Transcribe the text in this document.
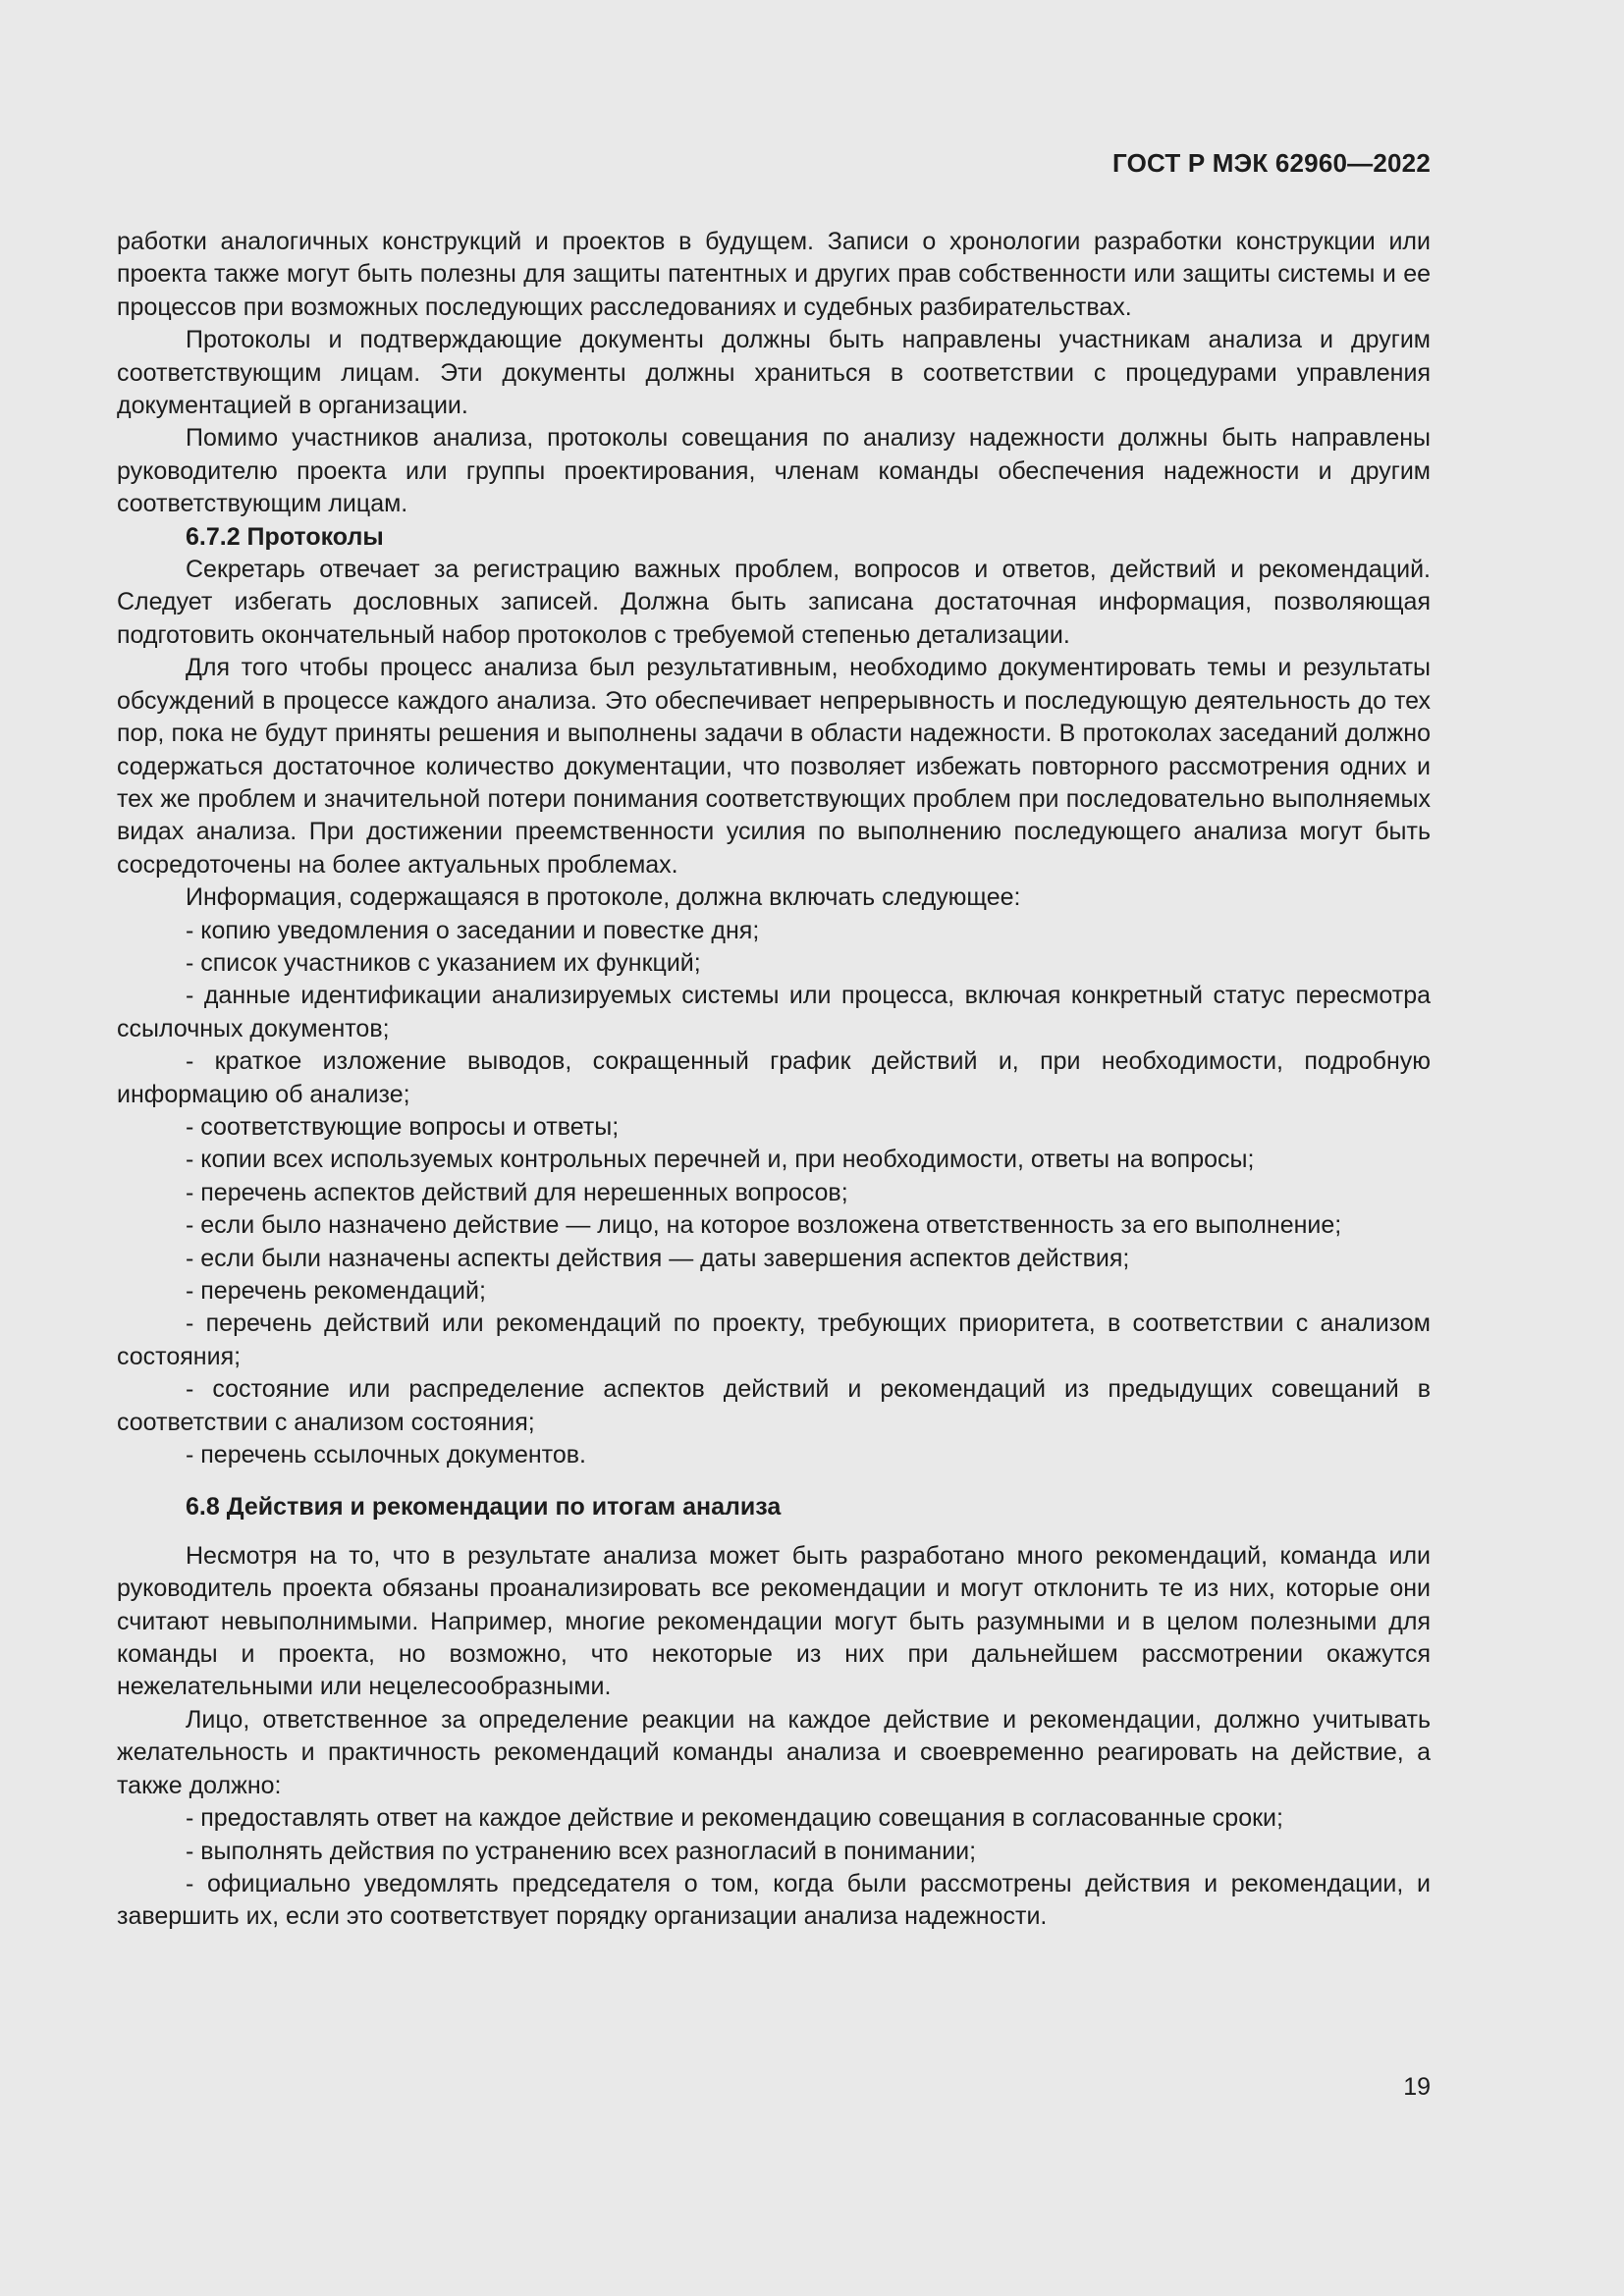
ГОСТ Р МЭК 62960—2022

работки аналогичных конструкций и проектов в будущем. Записи о хронологии разработки конструкции или проекта также могут быть полезны для защиты патентных и других прав собственности или защиты системы и ее процессов при возможных последующих расследованиях и судебных разбирательствах.

Протоколы и подтверждающие документы должны быть направлены участникам анализа и другим соответствующим лицам. Эти документы должны храниться в соответствии с процедурами управления документацией в организации.

Помимо участников анализа, протоколы совещания по анализу надежности должны быть направлены руководителю проекта или группы проектирования, членам команды обеспечения надежности и другим соответствующим лицам.

6.7.2 Протоколы

Секретарь отвечает за регистрацию важных проблем, вопросов и ответов, действий и рекомендаций. Следует избегать дословных записей. Должна быть записана достаточная информация, позволяющая подготовить окончательный набор протоколов с требуемой степенью детализации.

Для того чтобы процесс анализа был результативным, необходимо документировать темы и результаты обсуждений в процессе каждого анализа. Это обеспечивает непрерывность и последующую деятельность до тех пор, пока не будут приняты решения и выполнены задачи в области надежности. В протоколах заседаний должно содержаться достаточное количество документации, что позволяет избежать повторного рассмотрения одних и тех же проблем и значительной потери понимания соответствующих проблем при последовательно выполняемых видах анализа. При достижении преемственности усилия по выполнению последующего анализа могут быть сосредоточены на более актуальных проблемах.

Информация, содержащаяся в протоколе, должна включать следующее:

- копию уведомления о заседании и повестке дня;

- список участников с указанием их функций;

- данные идентификации анализируемых системы или процесса, включая конкретный статус пересмотра ссылочных документов;

- краткое изложение выводов, сокращенный график действий и, при необходимости, подробную информацию об анализе;

- соответствующие вопросы и ответы;

- копии всех используемых контрольных перечней и, при необходимости, ответы на вопросы;

- перечень аспектов действий для нерешенных вопросов;

- если было назначено действие — лицо, на которое возложена ответственность за его выполнение;

- если были назначены аспекты действия — даты завершения аспектов действия;

- перечень рекомендаций;

- перечень действий или рекомендаций по проекту, требующих приоритета, в соответствии с анализом состояния;

- состояние или распределение аспектов действий и рекомендаций из предыдущих совещаний в соответствии с анализом состояния;

- перечень ссылочных документов.

6.8 Действия и рекомендации по итогам анализа

Несмотря на то, что в результате анализа может быть разработано много рекомендаций, команда или руководитель проекта обязаны проанализировать все рекомендации и могут отклонить те из них, которые они считают невыполнимыми. Например, многие рекомендации могут быть разумными и в целом полезными для команды и проекта, но возможно, что некоторые из них при дальнейшем рассмотрении окажутся нежелательными или нецелесообразными.

Лицо, ответственное за определение реакции на каждое действие и рекомендации, должно учитывать желательность и практичность рекомендаций команды анализа и своевременно реагировать на действие, а также должно:

- предоставлять ответ на каждое действие и рекомендацию совещания в согласованные сроки;

- выполнять действия по устранению всех разногласий в понимании;

- официально уведомлять председателя о том, когда были рассмотрены действия и рекомендации, и завершить их, если это соответствует порядку организации анализа надежности.

19
